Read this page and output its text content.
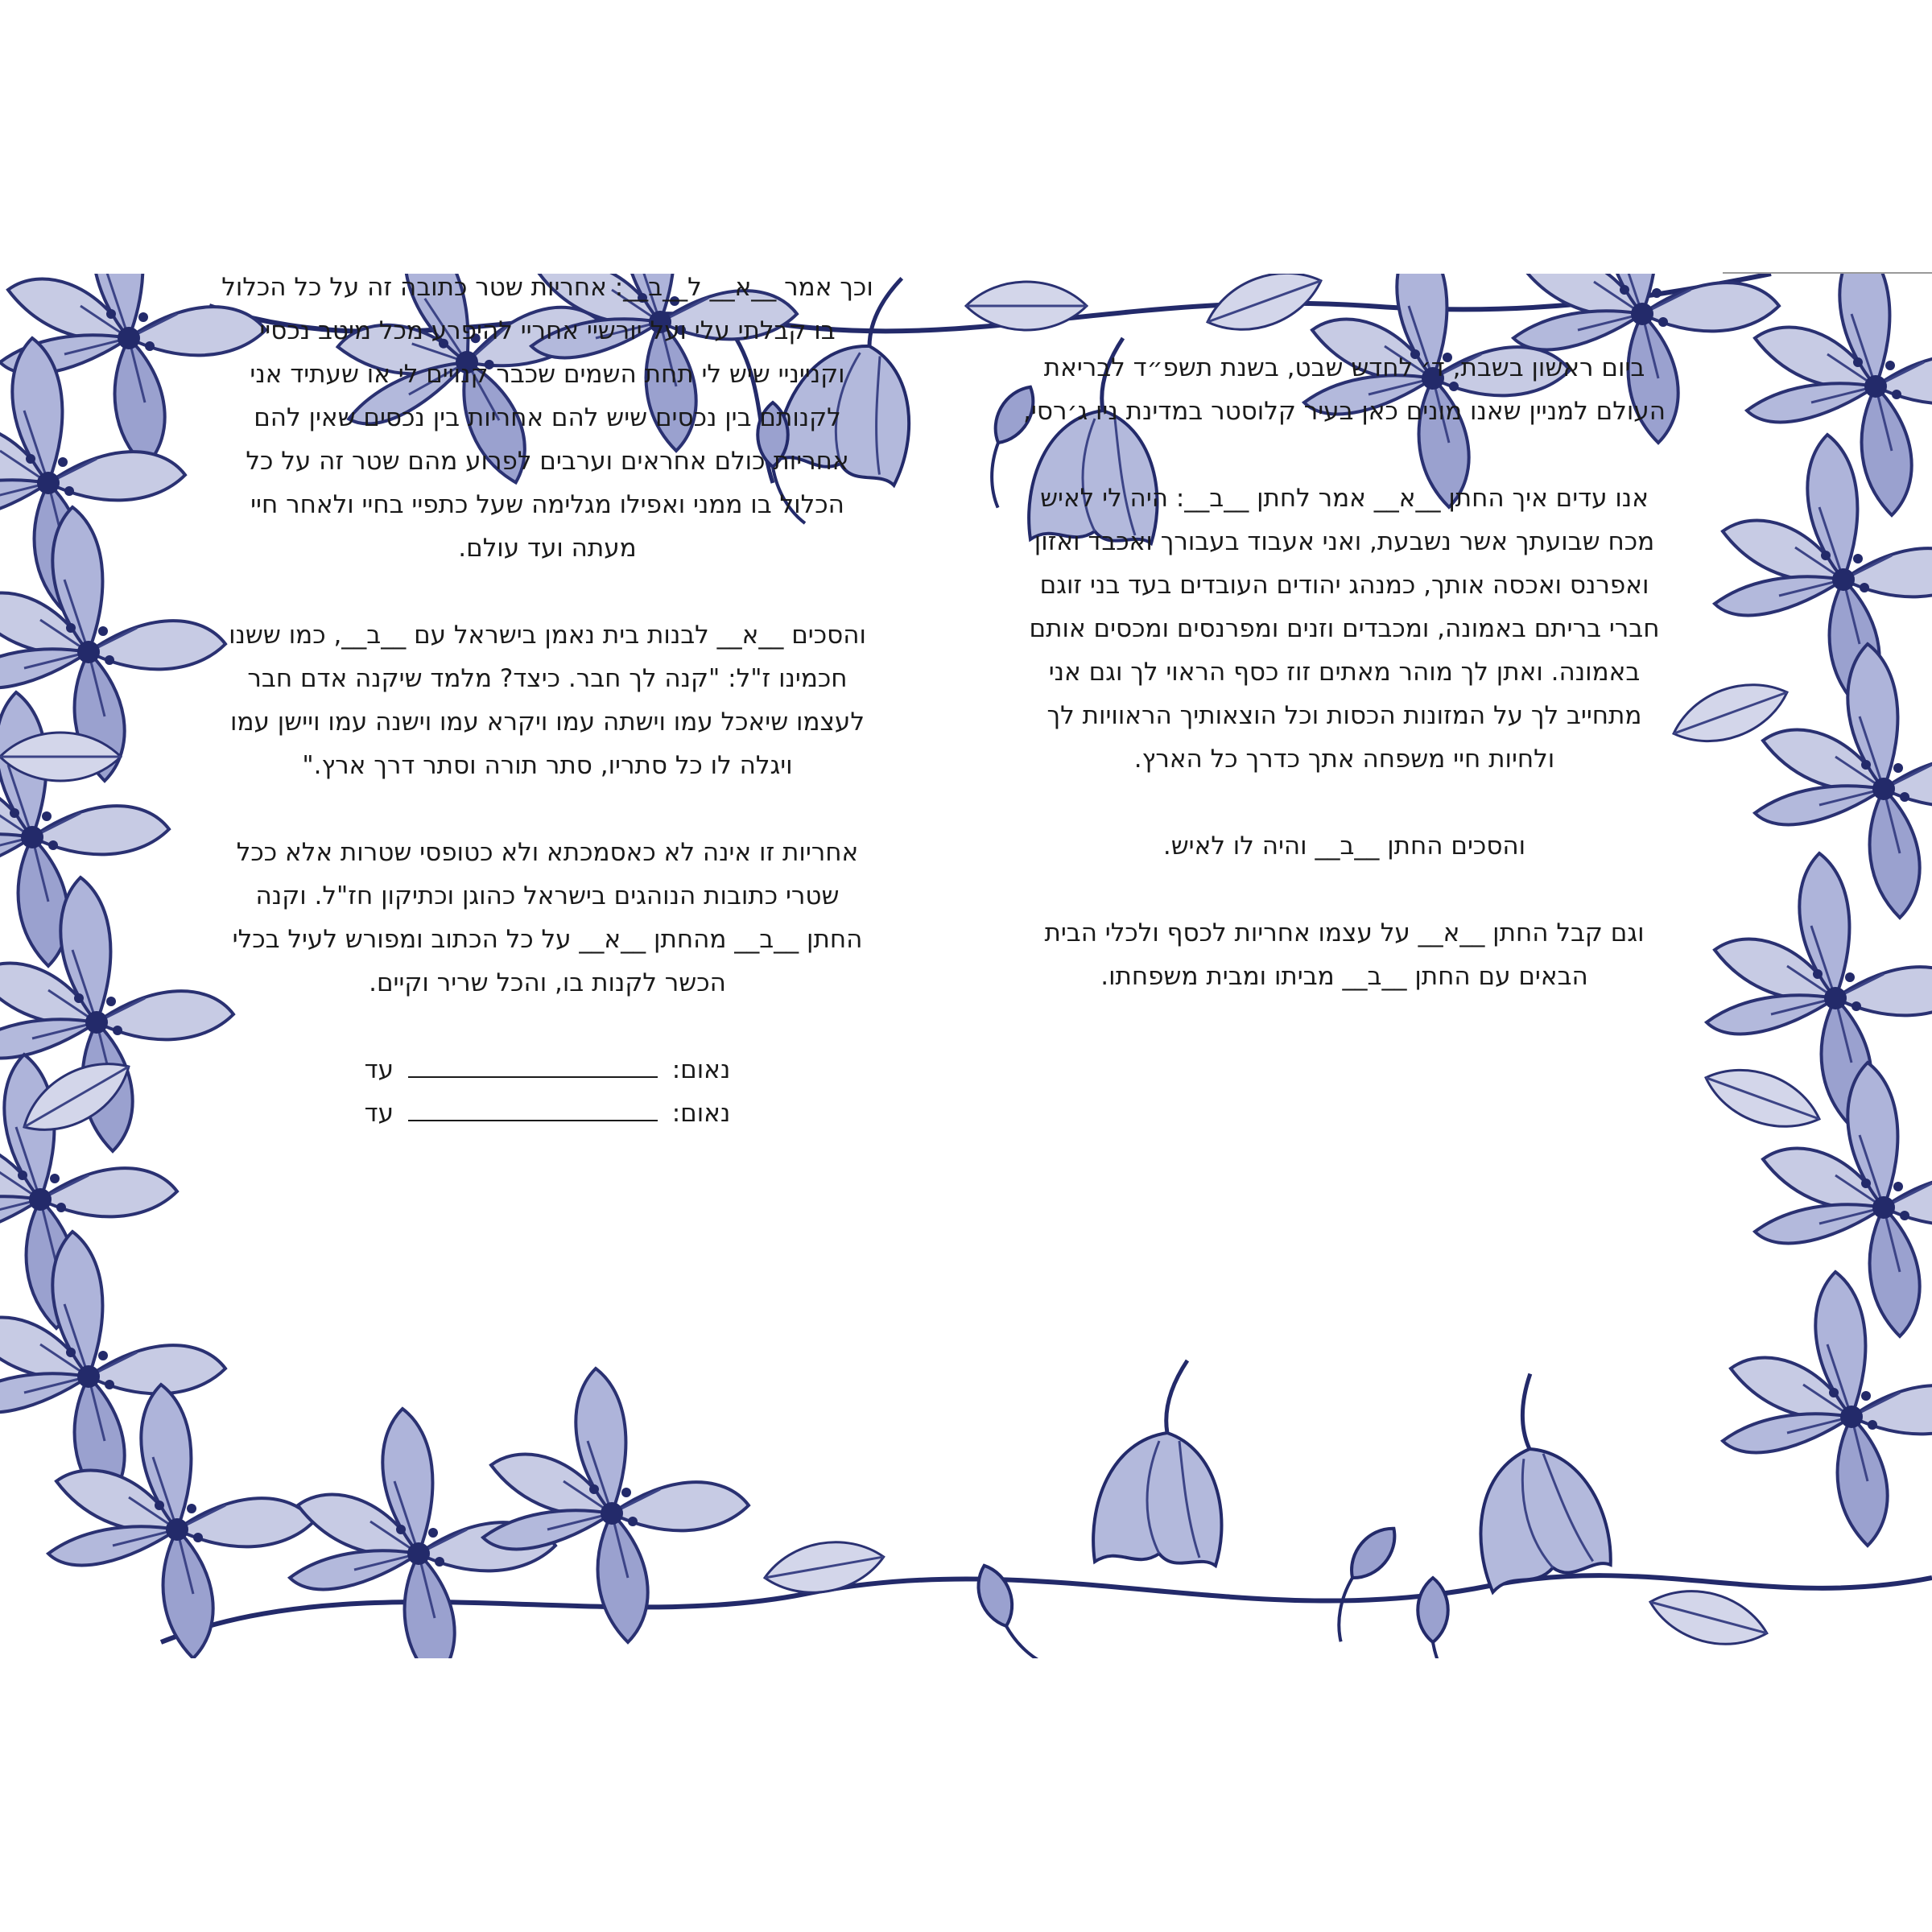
וכך אמר __א__ ל__ב__: אחריות שטר כתובה זה על כל הכלול
בו קבלתי עלי ועל יורשיי אחריי להיפרע מכל מיטב נכסיי
וקנייניי שיש לי תחת השמים שכבר קנויים לי או שעתיד אני
לקנותם בין נכסים שיש להם אחריות בין נכסים שאין להם
אחריות כולם אחראים וערבים לפרוע מהם שטר זה על כל
הכלול בו ממני ואפילו מגלימה שעל כתפיי בחיי ולאחר חיי
מעתה ועד עולם.

והסכים __א__ לבנות בית נאמן בישראל עם __ב__, כמו ששנו
חכמינו ז"ל: "קנה לך חבר. כיצד? מלמד שיקנה אדם חבר
לעצמו שיאכל עמו וישתה עמו ויקרא עמו וישנה עמו ויישן עמו
ויגלה לו כל סתריו, סתר תורה וסתר דרך ארץ."

אחריות זו אינה לא כאסמכתא ולא כטופסי שטרות אלא ככל
שטרי כתובות הנוהגים בישראל כהוגן וכתיקון חז"ל. וקנה
החתן __ב__ מהחתן __א__ על כל הכתוב ומפורש לעיל בכלי
הכשר לקנות בו, והכל שריר וקיים.

נאום:  עד
נאום:  עד

ביום ראשון בשבת, ד׳ לחדש שבט, בשנת תשפ״ד לבריאת
העולם למניין שאנו מונים כאן בעיר קלוסטר במדינת ניו ג׳רסי,

אנו עדים איך החתן __א__ אמר לחתן __ב__: היה לי לאיש
מכח שבועתך אשר נשבעת, ואני אעבוד בעבורך ואכבד ואזון
ואפרנס ואכסה אותך, כמנהג יהודים העובדים בעד בני זוגם
חברי בריתם באמונה, ומכבדים וזנים ומפרנסים ומכסים אותם
באמונה. ואתן לך מוהר מאתים זוז כסף הראוי לך וגם אני
מתחייב לך על המזונות הכסות וכל הוצאותיך הראוויות לך
ולחיות חיי משפחה אתך כדרך כל הארץ.

והסכים החתן __ב__ והיה לו לאיש.

וגם קבל החתן __א__ על עצמו אחריות לכסף ולכלי הבית
הבאים עם החתן __ב__ מביתו ומבית משפחתו.
